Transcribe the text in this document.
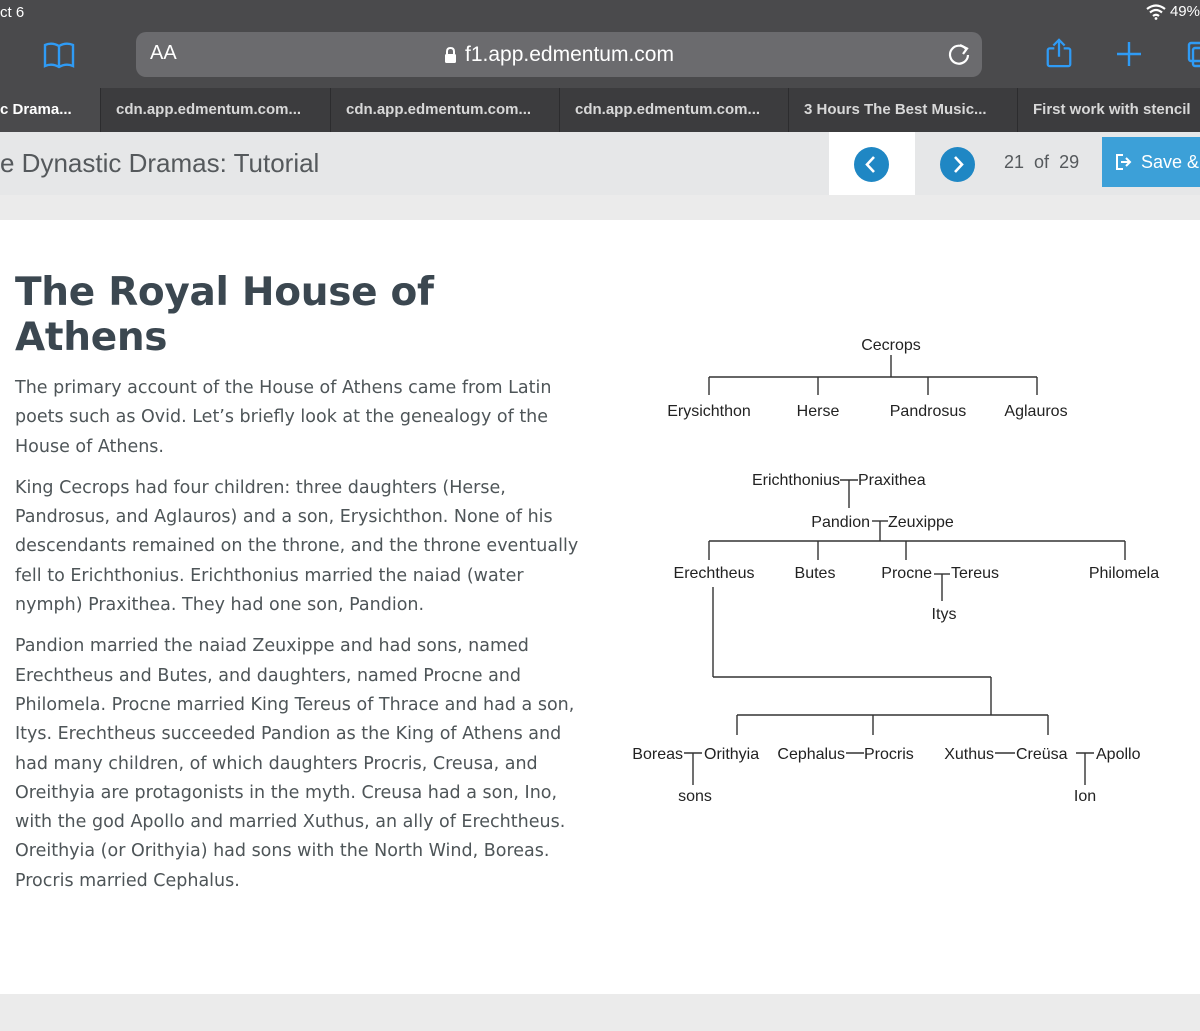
ct 6	49%
AA	f1.app.edmentum.com
c Drama...	cdn.app.edmentum.com...	cdn.app.edmentum.com...	cdn.app.edmentum.com...	3 Hours The Best Music...	First work with stencil
e Dynastic Dramas: Tutorial	21 of 29	Save &
The Royal House of Athens

The primary account of the House of Athens came from Latin poets such as Ovid. Let’s briefly look at the genealogy of the House of Athens.

King Cecrops had four children: three daughters (Herse, Pandrosus, and Aglauros) and a son, Erysichthon. None of his descendants remained on the throne, and the throne eventually fell to Erichthonius. Erichthonius married the naiad (water nymph) Praxithea. They had one son, Pandion.

Pandion married the naiad Zeuxippe and had sons, named Erechtheus and Butes, and daughters, named Procne and Philomela. Procne married King Tereus of Thrace and had a son, Itys. Erechtheus succeeded Pandion as the King of Athens and had many children, of which daughters Procris, Creusa, and Oreithyia are protagonists in the myth. Creusa had a son, Ino, with the god Apollo and married Xuthus, an ally of Erechtheus. Oreithyia (or Orithyia) had sons with the North Wind, Boreas. Procris married Cephalus.

Cecrops
Erysichthon	Herse	Pandrosus Aglauros
Erichthonius Praxithea
Pandion Zeuxippe
Erechtheus	Butes	Procne Tereus	Philomela
Itys
Boreas Orithyia Cephalus Procris Xuthus Creüsa Apollo
sons	Ion
